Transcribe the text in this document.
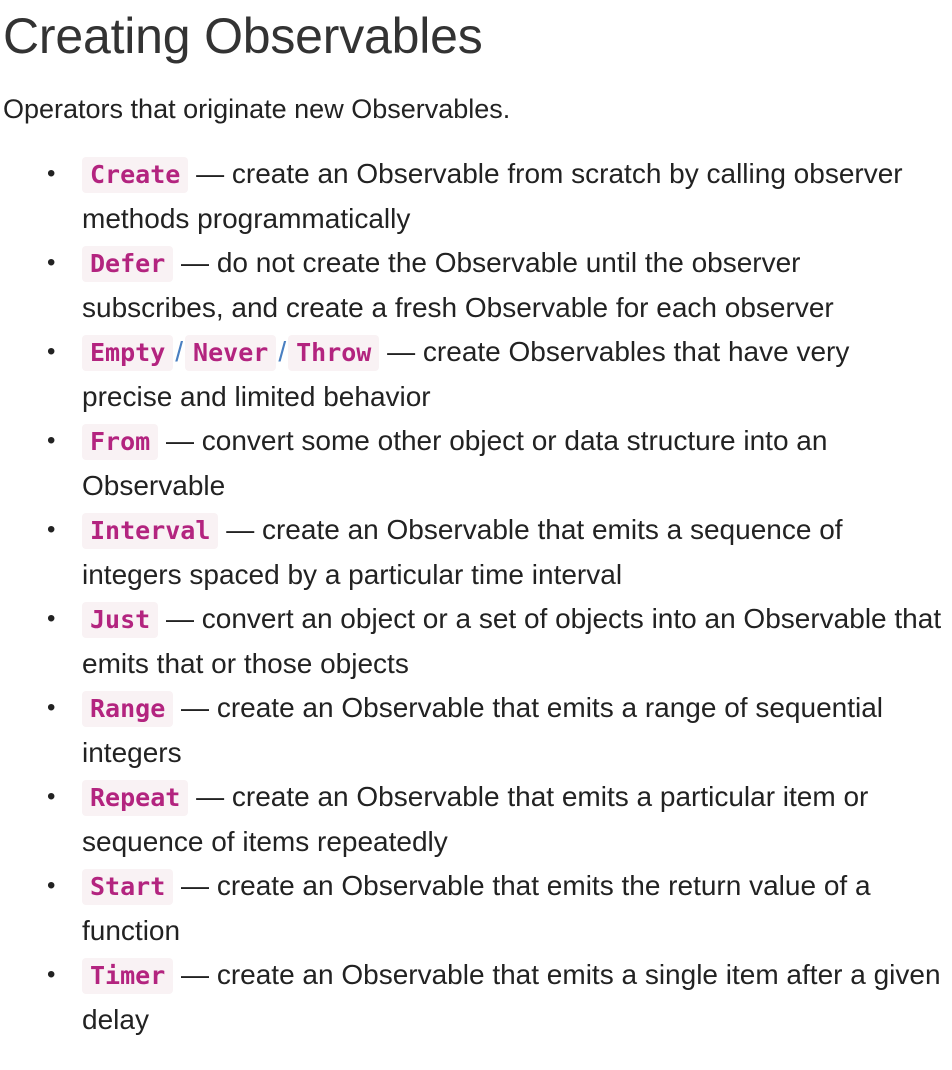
Creating Observables

Operators that originate new Observables.

• Create — create an Observable from scratch by calling observer methods programmatically
• Defer — do not create the Observable until the observer subscribes, and create a fresh Observable for each observer
• Empty / Never / Throw — create Observables that have very precise and limited behavior
• From — convert some other object or data structure into an Observable
• Interval — create an Observable that emits a sequence of integers spaced by a particular time interval
• Just — convert an object or a set of objects into an Observable that emits that or those objects
• Range — create an Observable that emits a range of sequential integers
• Repeat — create an Observable that emits a particular item or sequence of items repeatedly
• Start — create an Observable that emits the return value of a function
• Timer — create an Observable that emits a single item after a given delay
